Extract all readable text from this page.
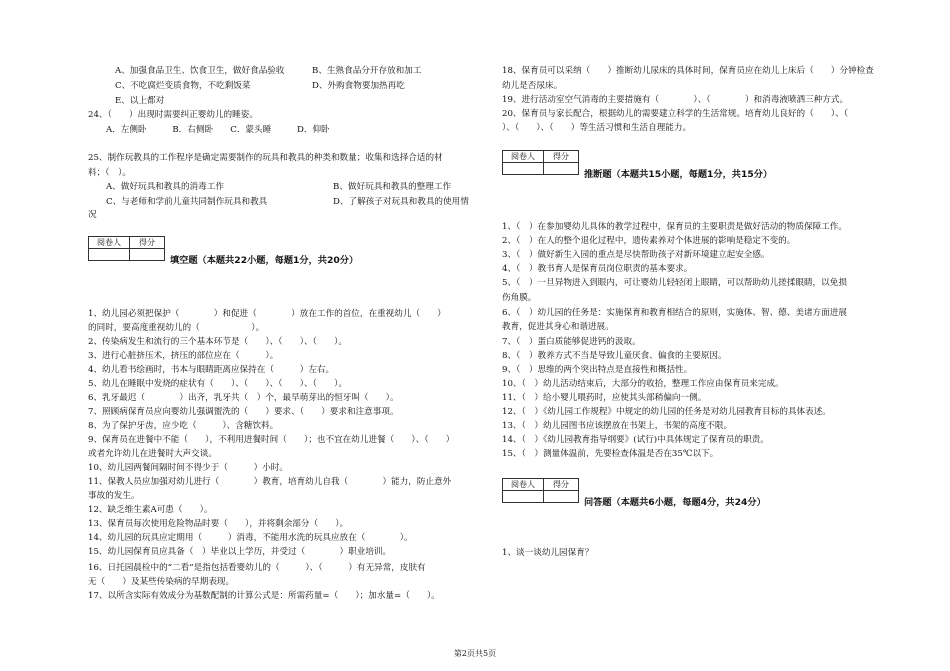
A、加强食品卫生、饮食卫生，做好食品验收	B、生熟食品分开存放和加工
C、不吃腐烂变质食物，不吃剩饭菜	D、外购食物要加热再吃
E、以上都对
24、（　　）出现时需要纠正婴幼儿的睡姿。
A．左侧卧　　　B．右侧卧　　C．蒙头睡　　　D．仰卧
25、制作玩教具的工作程序是确定需要制作的玩具和教具的种类和数量；收集和选择合适的材
料；（　）。
A、做好玩具和教具的消毒工作	B、做好玩具和教具的整理工作
C、与老师和学前儿童共同制作玩具和教具	D、了解孩子对玩具和教具的使用情
况
1、幼儿园必须把保护（　　　　）和促进（　　　　）放在工作的首位，在重视幼儿（　　）
的同时，要高度重视幼儿的（　　　　　　）。
2、传染病发生和流行的三个基本环节是（　　）、（　　）、（　　）。
3、进行心脏挤压术，挤压的部位应在（　　　）。
4、幼儿看书绘画时，书本与眼睛距离应保持在（　　　）左右。
5、幼儿在睡眠中发烧的症状有（　　）、（　　）、（　　）、（　　）。
6、乳牙最迟（　　　　）出齐，乳牙共（　）个，最早萌芽出的恒牙叫（　　）。
7、照顾病保育员应向婴幼儿强调盥洗的（　　）要求、（　　）要求和注意事项。
8、为了保护牙齿，应少吃（　　　）、含糖饮料。
9、保育员在进餐中不能（　　），不利用进餐时间（　　）；也不宜在幼儿进餐（　　）、（　　）
或者允许幼儿在进餐时大声交谈。
10、幼儿园两餐间隔时间不得少于（　　　）小时。
11、保教人员应加强对幼儿进行（　　　　）教育，培育幼儿自我（　　　　）能力，防止意外
事故的发生。
12、缺乏维生素A可患（　　）。
13、保育员每次使用危险物品时要（　　），并将剩余部分（　　）。
14、幼儿园的玩具应定期用（　　　）消毒，不能用水洗的玩具应放在（　　　　）。
15、幼儿园保育员应具备（　）毕业以上学历，并受过（　　　　）职业培训。
16、日托园晨检中的“二看”是指包括看婴幼儿的（　　　）、（　　　）有无异常，皮肤有
无（　　）及某些传染病的早期表现。
17、以所含实际有效成分为基数配制的计算公式是：所需药量=（　　）；加水量=（　　）。
18、保育员可以采纳（　　）推断幼儿尿床的具体时间，保育员应在幼儿上床后（　　）分钟检查
幼儿是否尿床。
19、进行活动室空气消毒的主要措施有（　　　　）、（　　　　）和消毒液喷洒三种方式。
20、保育员与家长配合，根据幼儿的需要建立科学的生活常规。培育幼儿良好的（　　）、（　　
）、（　　）、（　　）等生活习惯和生活自理能力。
1、（　）在参加婴幼儿具体的教学过程中，保育员的主要职责是做好活动的物质保障工作。
2、（　）在人的整个退化过程中，遗传素养对个体进展的影响是稳定不变的。
3、（　）做好新生入园的重点是尽快帮助孩子对新环境建立起安全感。
4、（　）教书育人是保育员岗位职责的基本要求。
5、（　）一旦异物进入到眼内，可让婴幼儿轻轻闭上眼睛，可以帮助幼儿搓揉眼睛，以免损
伤角膜。
6、（　）幼儿园的任务是：实施保育和教育相结合的原则，实施体、智、德、美诸方面进展
教育，促进其身心和谐进展。
7、（　）蛋白质能够促进钙的汲取。
8、（　）教养方式不当是导致儿童厌食、偏食的主要原因。
9、（　）思维的两个突出特点是直接性和概括性。
10、（　）幼儿活动结束后，大部分的收拾，整理工作应由保育员来完成。
11、（　）给小婴儿喂药时，应使其头部稍偏向一侧。
12、（　）《幼儿园工作规程》中规定的幼儿园的任务是对幼儿园教育目标的具体表述。
13、（　）幼儿园图书应该摆放在书架上，书架的高度不限。
14、（　）《幼儿园教育指导纲要》(试行)中具体规定了保育员的职责。
15、（　）测量体温前，先要检查体温是否在35℃以下。
1、谈一谈幼儿园保育？
阅卷人	得分

填空题（本题共22小题，每题1分，共20分）
阅卷人	得分

推断题（本题共15小题，每题1分，共15分）
阅卷人	得分

问答题（本题共6小题，每题4分，共24分）
第2页共5页
